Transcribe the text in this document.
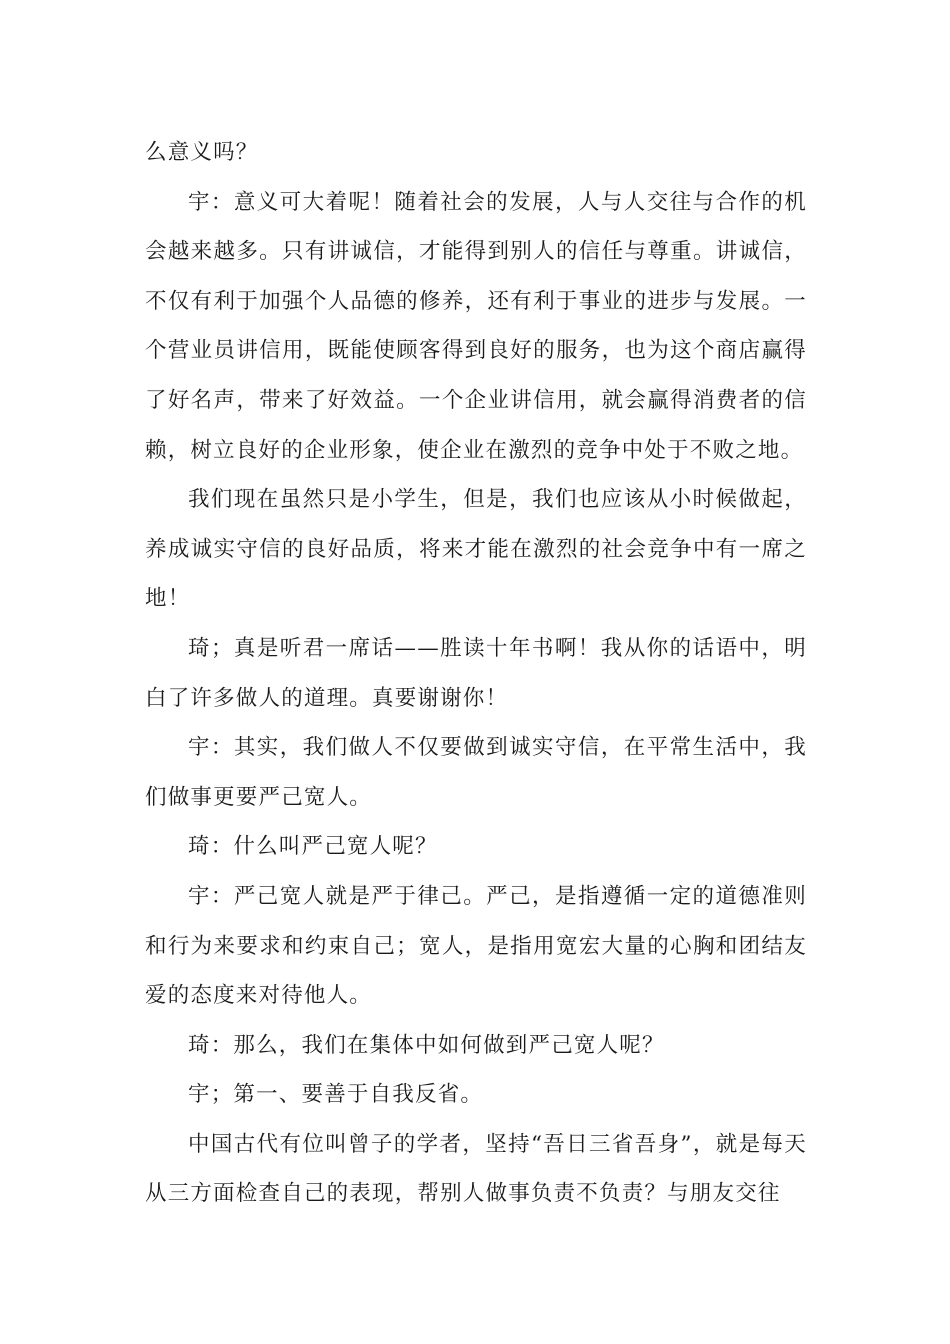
么意义吗？

宇：意义可大着呢！随着社会的发展，人与人交往与合作的机会越来越多。只有讲诚信，才能得到别人的信任与尊重。讲诚信，不仅有利于加强个人品德的修养，还有利于事业的进步与发展。一个营业员讲信用，既能使顾客得到良好的服务，也为这个商店赢得了好名声，带来了好效益。一个企业讲信用，就会赢得消费者的信赖，树立良好的企业形象，使企业在激烈的竞争中处于不败之地。

我们现在虽然只是小学生，但是，我们也应该从小时候做起，养成诚实守信的良好品质，将来才能在激烈的社会竞争中有一席之地！

琦；真是听君一席话——胜读十年书啊！我从你的话语中，明白了许多做人的道理。真要谢谢你！

宇：其实，我们做人不仅要做到诚实守信，在平常生活中，我们做事更要严己宽人。

琦：什么叫严己宽人呢？

宇：严己宽人就是严于律己。严己，是指遵循一定的道德准则和行为来要求和约束自己；宽人，是指用宽宏大量的心胸和团结友爱的态度来对待他人。

琦：那么，我们在集体中如何做到严己宽人呢？

宇；第一、要善于自我反省。

中国古代有位叫曾子的学者，坚持“吾日三省吾身”，就是每天从三方面检查自己的表现，帮别人做事负责不负责？与朋友交往
